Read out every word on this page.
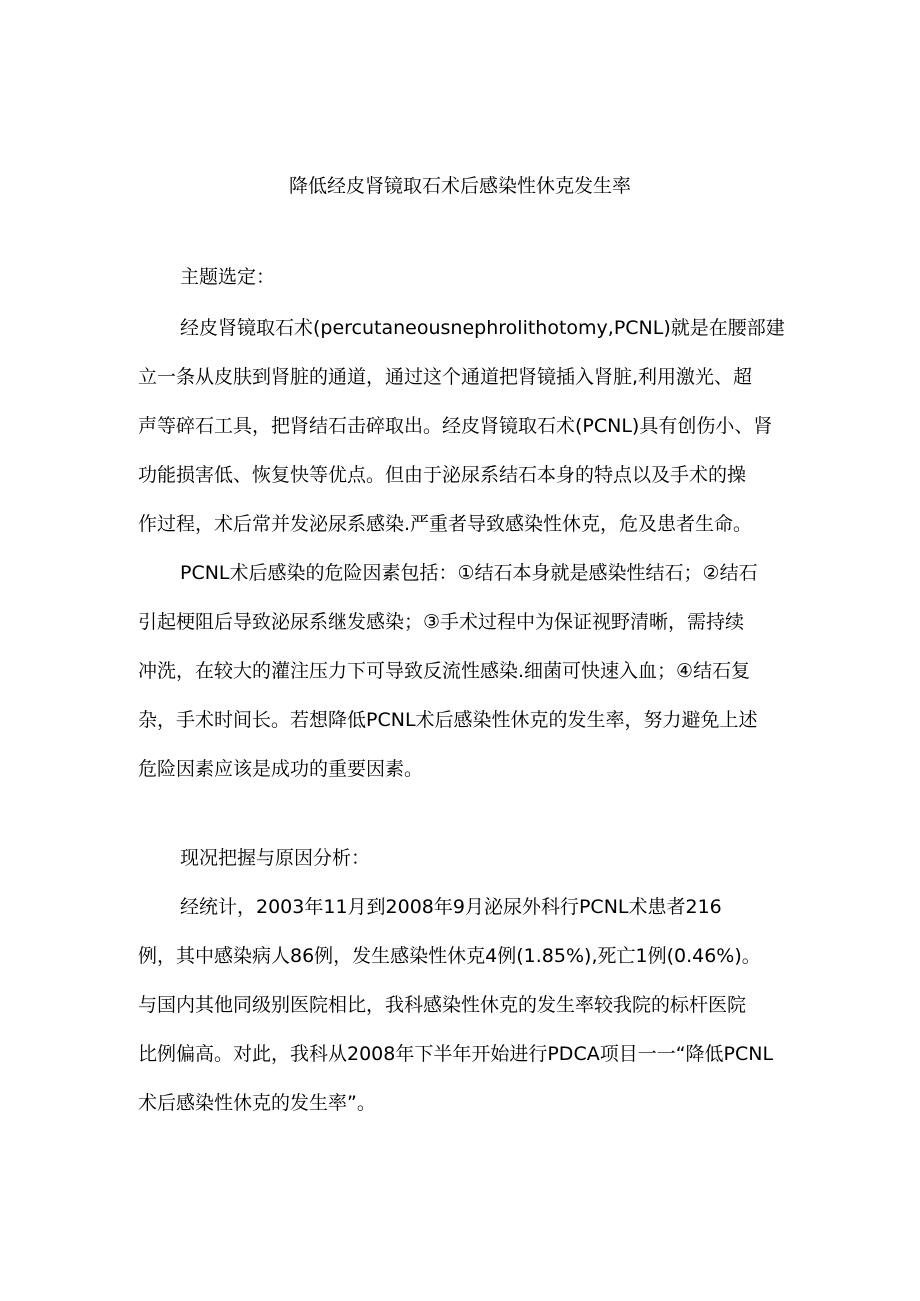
降低经皮肾镜取石术后感染性休克发生率

主题选定：

经皮肾镜取石术(percutaneousnephrolithotomy,PCNL)就是在腰部建
立一条从皮肤到肾脏的通道，通过这个通道把肾镜插入肾脏,利用激光、超
声等碎石工具，把肾结石击碎取出。经皮肾镜取石术(PCNL)具有创伤小、肾
功能损害低、恢复快等优点。但由于泌尿系结石本身的特点以及手术的操
作过程，术后常并发泌尿系感染.严重者导致感染性休克，危及患者生命。
PCNL术后感染的危险因素包括：①结石本身就是感染性结石；②结石
引起梗阻后导致泌尿系继发感染；③手术过程中为保证视野清晰，需持续
冲洗，在较大的灌注压力下可导致反流性感染.细菌可快速入血；④结石复
杂，手术时间长。若想降低PCNL术后感染性休克的发生率，努力避免上述
危险因素应该是成功的重要因素。

现况把握与原因分析：

经统计，2003年11月到2008年9月泌尿外科行PCNL术患者216
例，其中感染病人86例，发生感染性休克4例(1.85%),死亡1例(0.46%)。
与国内其他同级别医院相比，我科感染性休克的发生率较我院的标杆医院
比例偏高。对此，我科从2008年下半年开始进行PDCA项目一一“降低PCNL
术后感染性休克的发生率”。
